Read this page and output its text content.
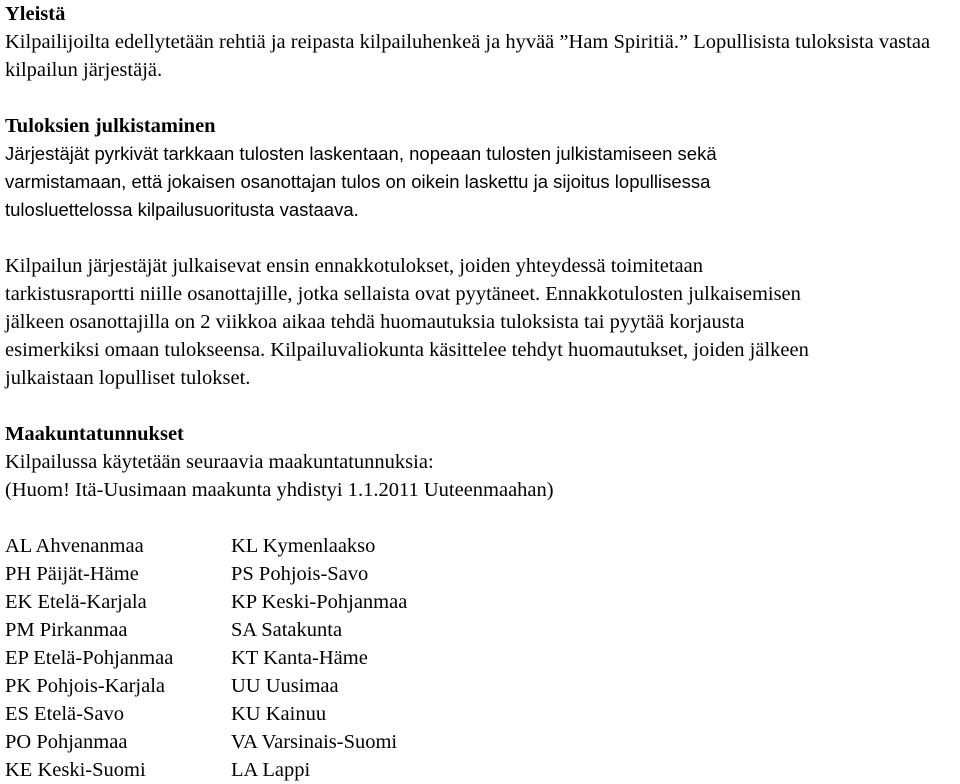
Yleistä

Kilpailijoilta edellytetään rehtiä ja reipasta kilpailuhenkeä ja hyvää ”Ham Spiritiä.” Lopullisista tuloksista vastaa kilpailun järjestäjä.

Tuloksien julkistaminen

Järjestäjät pyrkivät tarkkaan tulosten laskentaan, nopeaan tulosten julkistamiseen sekä
varmistamaan, että jokaisen osanottajan tulos on oikein laskettu ja sijoitus lopullisessa
tulosluettelossa kilpailusuoritusta vastaava.
Kilpailun järjestäjät julkaisevat ensin ennakkotulokset, joiden yhteydessä toimitetaan
tarkistusraportti niille osanottajille, jotka sellaista ovat pyytäneet. Ennakkotulosten julkaisemisen
jälkeen osanottajilla on 2 viikkoa aikaa tehdä huomautuksia tuloksista tai pyytää korjausta
esimerkiksi omaan tulokseensa. Kilpailuvaliokunta käsittelee tehdyt huomautukset, joiden jälkeen
julkaistaan lopulliset tulokset.

Maakuntatunnukset

Kilpailussa käytetään seuraavia maakuntatunnuksia:
(Huom! Itä-Uusimaan maakunta yhdistyi 1.1.2011 Uuteenmaahan)
AL Ahvenanmaa
PH Päijät-Häme
EK Etelä-Karjala
PM Pirkanmaa
EP Etelä-Pohjanmaa
PK Pohjois-Karjala
ES Etelä-Savo
PO Pohjanmaa
KE Keski-Suomi
KL Kymenlaakso
PS Pohjois-Savo
KP Keski-Pohjanmaa
SA Satakunta
KT Kanta-Häme
UU Uusimaa
KU Kainuu
VA Varsinais-Suomi
LA Lappi
